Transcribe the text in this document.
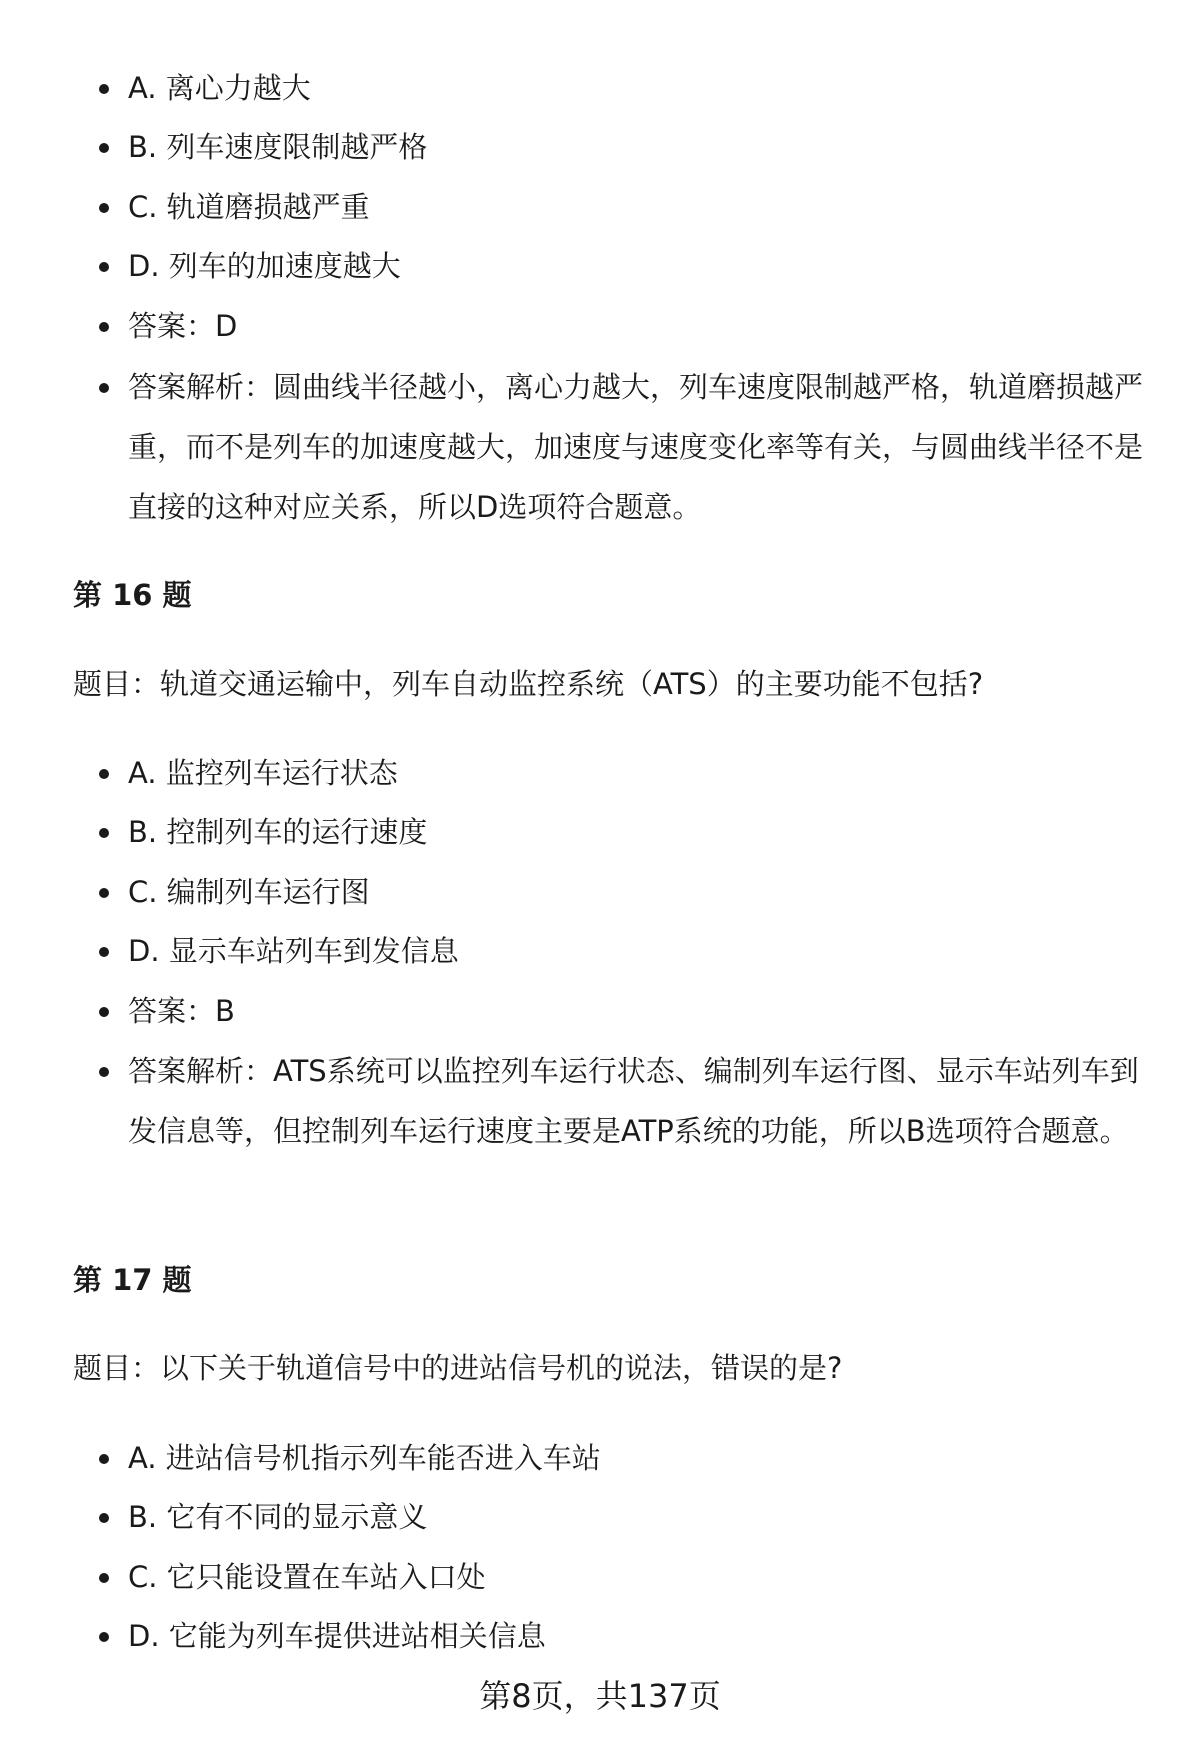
A. 离心力越大
B. 列车速度限制越严格
C. 轨道磨损越严重
D. 列车的加速度越大
答案：D
答案解析：圆曲线半径越小，离心力越大，列车速度限制越严格，轨道磨损越严重，而不是列车的加速度越大，加速度与速度变化率等有关，与圆曲线半径不是直接的这种对应关系，所以D选项符合题意。
第 16 题
题目：轨道交通运输中，列车自动监控系统（ATS）的主要功能不包括?
A. 监控列车运行状态
B. 控制列车的运行速度
C. 编制列车运行图
D. 显示车站列车到发信息
答案：B
答案解析：ATS系统可以监控列车运行状态、编制列车运行图、显示车站列车到发信息等，但控制列车运行速度主要是ATP系统的功能，所以B选项符合题意。
第 17 题
题目：以下关于轨道信号中的进站信号机的说法，错误的是?
A. 进站信号机指示列车能否进入车站
B. 它有不同的显示意义
C. 它只能设置在车站入口处
D. 它能为列车提供进站相关信息
第8页，共137页
